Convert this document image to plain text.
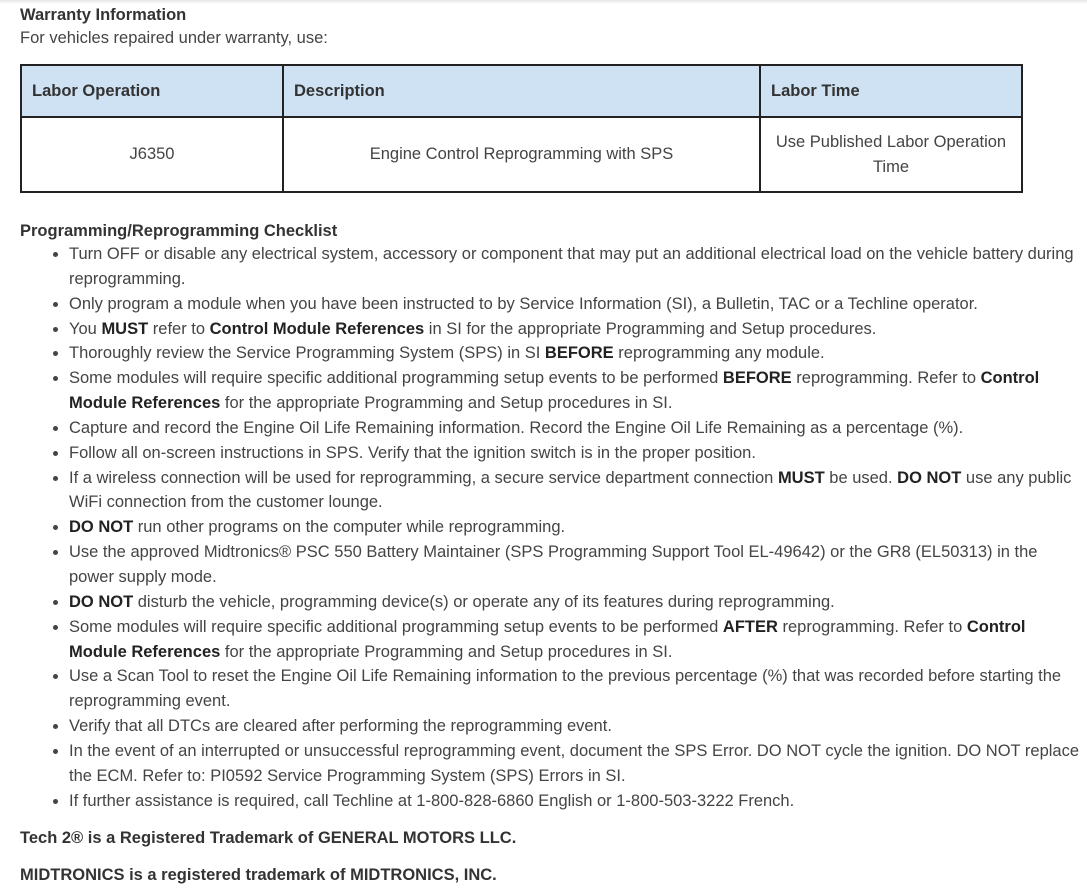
Warranty Information

For vehicles repaired under warranty, use:

Labor Operation	Description	Labor Time
J6350	Engine Control Reprogramming with SPS	Use Published Labor Operation Time

Programming/Reprogramming Checklist

• Turn OFF or disable any electrical system, accessory or component that may put an additional electrical load on the vehicle battery during reprogramming.
• Only program a module when you have been instructed to by Service Information (SI), a Bulletin, TAC or a Techline operator.
• You MUST refer to Control Module References in SI for the appropriate Programming and Setup procedures.
• Thoroughly review the Service Programming System (SPS) in SI BEFORE reprogramming any module.
• Some modules will require specific additional programming setup events to be performed BEFORE reprogramming. Refer to Control Module References for the appropriate Programming and Setup procedures in SI.
• Capture and record the Engine Oil Life Remaining information. Record the Engine Oil Life Remaining as a percentage (%).
• Follow all on-screen instructions in SPS. Verify that the ignition switch is in the proper position.
• If a wireless connection will be used for reprogramming, a secure service department connection MUST be used. DO NOT use any public WiFi connection from the customer lounge.
• DO NOT run other programs on the computer while reprogramming.
• Use the approved Midtronics® PSC 550 Battery Maintainer (SPS Programming Support Tool EL-49642) or the GR8 (EL50313) in the power supply mode.
• DO NOT disturb the vehicle, programming device(s) or operate any of its features during reprogramming.
• Some modules will require specific additional programming setup events to be performed AFTER reprogramming. Refer to Control Module References for the appropriate Programming and Setup procedures in SI.
• Use a Scan Tool to reset the Engine Oil Life Remaining information to the previous percentage (%) that was recorded before starting the reprogramming event.
• Verify that all DTCs are cleared after performing the reprogramming event.
• In the event of an interrupted or unsuccessful reprogramming event, document the SPS Error. DO NOT cycle the ignition. DO NOT replace the ECM. Refer to: PI0592 Service Programming System (SPS) Errors in SI.
• If further assistance is required, call Techline at 1-800-828-6860 English or 1-800-503-3222 French.

Tech 2® is a Registered Trademark of GENERAL MOTORS LLC.

MIDTRONICS is a registered trademark of MIDTRONICS, INC.
